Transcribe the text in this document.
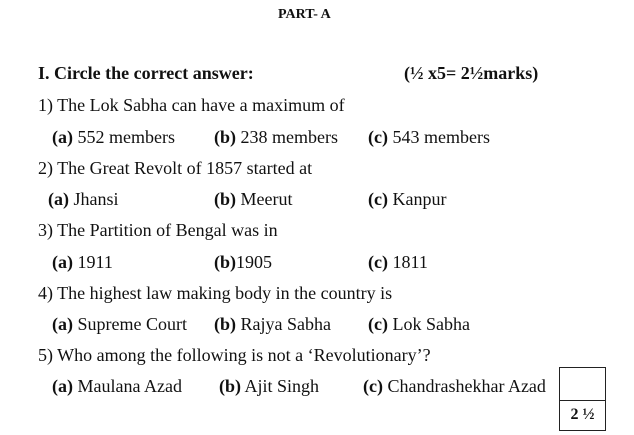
PART- A
I. Circle the correct answer:	(½ x5= 2½marks)
1) The Lok Sabha can have a maximum of
(a) 552 members (b) 238 members (c) 543 members
2) The Great Revolt of 1857 started at
(a) Jhansi	(b) Meerut	(c) Kanpur
3) The Partition of Bengal was in
(a) 1911	(b)1905	(c) 1811
4) The highest law making body in the country is
(a) Supreme Court (b) Rajya Sabha (c) Lok Sabha
5) Who among the following is not a ‘Revolutionary’?
(a) Maulana Azad (b) Ajit Singh (c) Chandrashekhar Azad
2 ½
